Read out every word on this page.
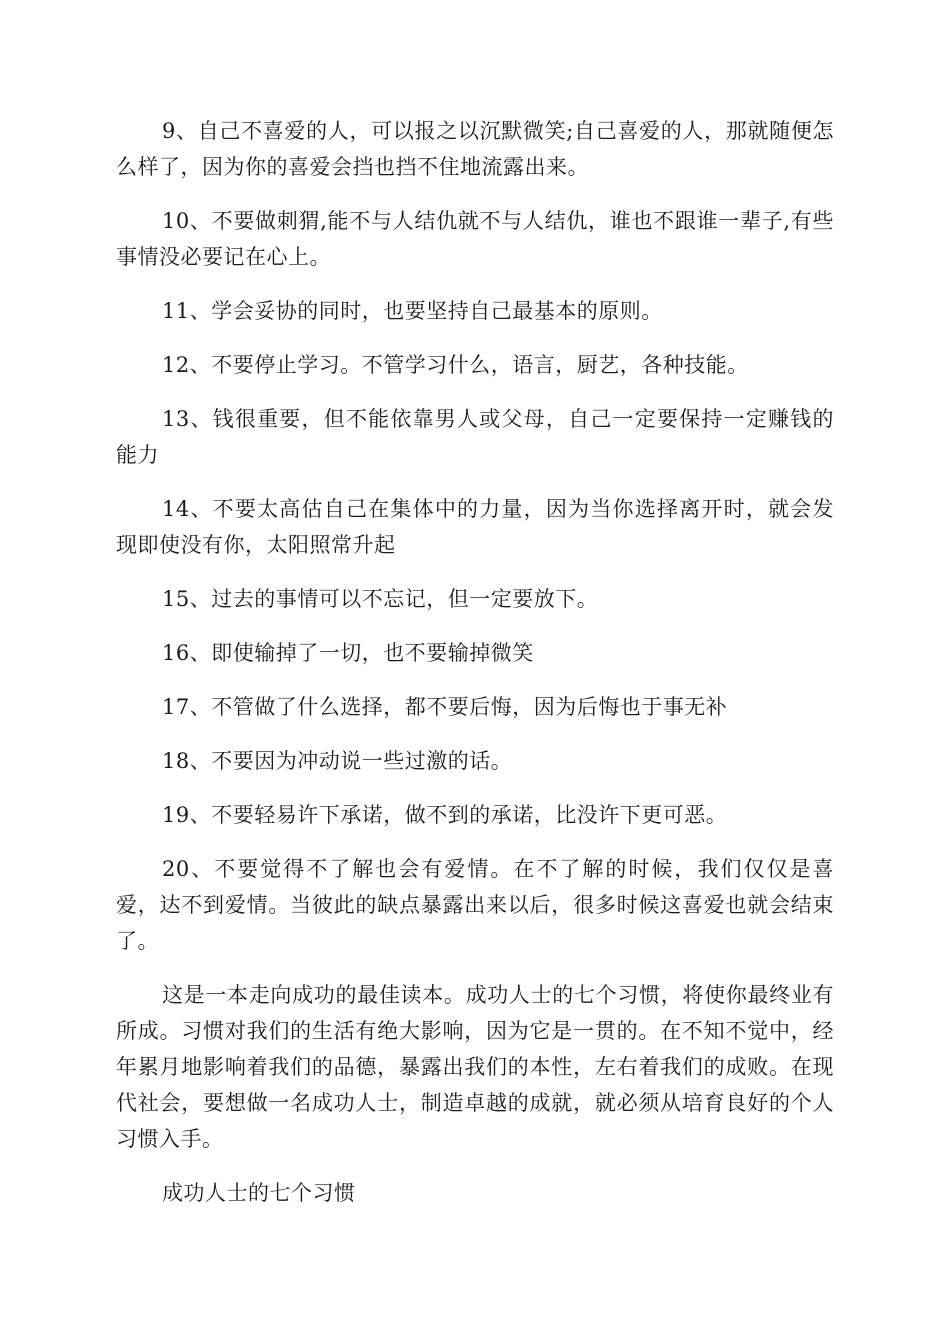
9、自己不喜爱的人，可以报之以沉默微笑;自己喜爱的人，那就随便怎么样了，因为你的喜爱会挡也挡不住地流露出来。

10、不要做刺猬,能不与人结仇就不与人结仇，谁也不跟谁一辈子,有些事情没必要记在心上。

11、学会妥协的同时，也要坚持自己最基本的原则。

12、不要停止学习。不管学习什么，语言，厨艺，各种技能。

13、钱很重要，但不能依靠男人或父母，自己一定要保持一定赚钱的能力

14、不要太高估自己在集体中的力量，因为当你选择离开时，就会发现即使没有你，太阳照常升起

15、过去的事情可以不忘记，但一定要放下。

16、即使输掉了一切，也不要输掉微笑

17、不管做了什么选择，都不要后悔，因为后悔也于事无补

18、不要因为冲动说一些过激的话。

19、不要轻易许下承诺，做不到的承诺，比没许下更可恶。

20、不要觉得不了解也会有爱情。在不了解的时候，我们仅仅是喜爱，达不到爱情。当彼此的缺点暴露出来以后，很多时候这喜爱也就会结束了。

这是一本走向成功的最佳读本。成功人士的七个习惯，将使你最终业有所成。习惯对我们的生活有绝大影响，因为它是一贯的。在不知不觉中，经年累月地影响着我们的品德，暴露出我们的本性，左右着我们的成败。在现代社会，要想做一名成功人士，制造卓越的成就，就必须从培育良好的个人习惯入手。

成功人士的七个习惯
